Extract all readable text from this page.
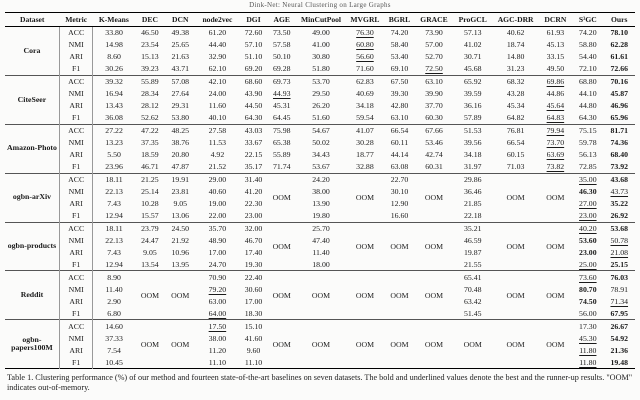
Dink-Net: Neural Clustering on Large Graphs
Dataset	Metric	K-Means	DEC	DCN	node2vec	DGI	AGE	MinCutPool	MVGRL	BGRL	GRACE	ProGCL	AGC-DRR	DCRN	S³GC	Ours
Cora	ACC	33.80	46.50	49.38	61.20	72.60	73.50	49.00	76.30	74.20	73.90	57.13	40.62	61.93	74.20	78.10
	NMI	14.98	23.54	25.65	44.40	57.10	57.58	41.00	60.80	58.40	57.00	41.02	18.74	45.13	58.80	62.28
	ARI	8.60	15.13	21.63	32.90	51.10	50.10	30.80	56.60	53.40	52.70	30.71	14.80	33.15	54.40	61.61
	F1	30.26	39.23	43.71	62.10	69.20	69.28	51.80	71.60	69.10	72.50	45.68	31.23	49.50	72.10	72.66
CiteSeer	ACC	39.32	55.89	57.08	42.10	68.60	69.73	53.70	62.83	67.50	63.10	65.92	68.32	69.86	68.80	70.16
	NMI	16.94	28.34	27.64	24.00	43.90	44.93	29.50	40.69	39.30	39.90	39.59	43.28	44.86	44.10	45.87
	ARI	13.43	28.12	29.31	11.60	44.50	45.31	26.20	34.18	42.80	37.70	36.16	45.34	45.64	44.80	46.96
	F1	36.08	52.62	53.80	40.10	64.30	64.45	51.60	59.54	63.10	60.30	57.89	64.82	64.83	64.30	65.96
Amazon-Photo	ACC	27.22	47.22	48.25	27.58	43.03	75.98	54.67	41.07	66.54	67.66	51.53	76.81	79.94	75.15	81.71
	NMI	13.23	37.35	38.76	11.53	33.67	65.38	50.02	30.28	60.11	53.46	39.56	66.54	73.70	59.78	74.36
	ARI	5.50	18.59	20.80	4.92	22.15	55.89	34.43	18.77	44.14	42.74	34.18	60.15	63.69	56.13	68.40
	F1	23.96	46.71	47.87	21.52	35.17	71.74	53.67	32.88	63.08	60.31	31.97	71.03	73.82	72.85	73.92
ogbn-arXiv	ACC	18.11	21.25	19.91	29.00	31.40	OOM	24.20	OOM	22.70	OOM	29.86	OOM	OOM	35.00	43.68
	NMI	22.13	25.14	23.81	40.60	41.20		38.00		30.10		36.46			46.30	43.73
	ARI	7.43	10.28	9.05	19.00	22.30		13.90		12.90		21.85			27.00	35.22
	F1	12.94	15.57	13.06	22.00	23.00		19.80		16.60		22.18			23.00	26.92
ogbn-products	ACC	18.11	23.79	24.50	35.70	32.00	OOM	25.70	OOM	OOM	OOM	35.21	OOM	OOM	40.20	53.68
	NMI	22.13	24.47	21.92	48.90	46.70		47.40				46.59			53.60	50.78
	ARI	7.43	9.05	10.96	17.00	17.40		11.40				19.87			23.00	21.08
	F1	12.94	13.54	13.95	24.70	19.30		18.00				21.55			25.00	25.15
Reddit	ACC	8.90	OOM	OOM	70.90	22.40	OOM	OOM	OOM	OOM	OOM	65.41	OOM	OOM	73.60	76.03
	NMI	11.40			79.20	30.60						70.48			80.70	78.91
	ARI	2.90			63.00	17.00						63.42			74.50	71.34
	F1	6.80			64.00	18.30						51.45			56.00	67.95
ogbn-papers100M	ACC	14.60	OOM	OOM	17.50	15.10	OOM	OOM	OOM	OOM	OOM	OOM	OOM	OOM	17.30	26.67
	NMI	37.33			38.00	41.60									45.30	54.92
	ARI	7.54			11.20	9.60									11.80	21.36
	F1	10.45			11.10	11.10									11.80	19.48
Table 1. Clustering performance (%) of our method and fourteen state-of-the-art baselines on seven datasets. The bold and underlined values denote the best and the runner-up results. "OOM" indicates out-of-memory.
